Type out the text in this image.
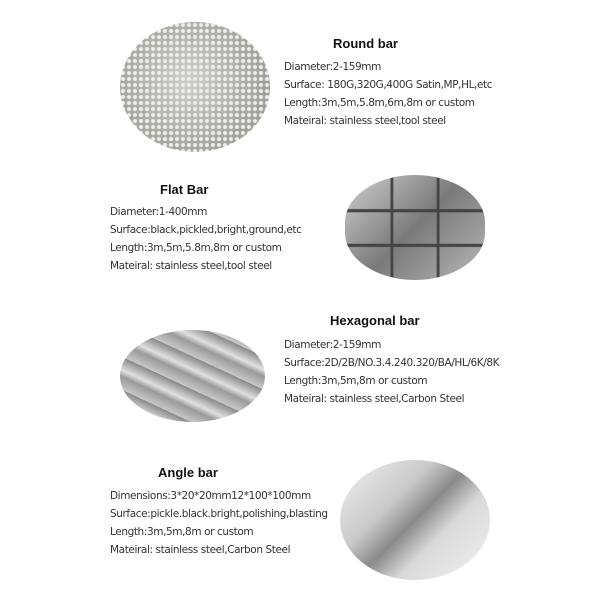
Round bar
Diameter:2-159mm
Surface: 180G,320G,400G Satin,MP,HL,etc
Length:3m,5m,5.8m,6m,8m or custom
Mateiral: stainless steel,tool steel
Flat Bar
Diameter:1-400mm
Surface:black,pickled,bright,ground,etc
Length:3m,5m,5.8m,8m or custom
Mateiral: stainless steel,tool steel
Hexagonal bar
Diameter:2-159mm
Surface:2D/2B/NO.3.4.240.320/BA/HL/6K/8K
Length:3m,5m,8m or custom
Mateiral: stainless steel,Carbon Steel
Angle bar
Dimensions:3*20*20mm12*100*100mm
Surface:pickle.black.bright,polishing,blasting
Length:3m,5m,8m or custom
Mateiral: stainless steel,Carbon Steel
